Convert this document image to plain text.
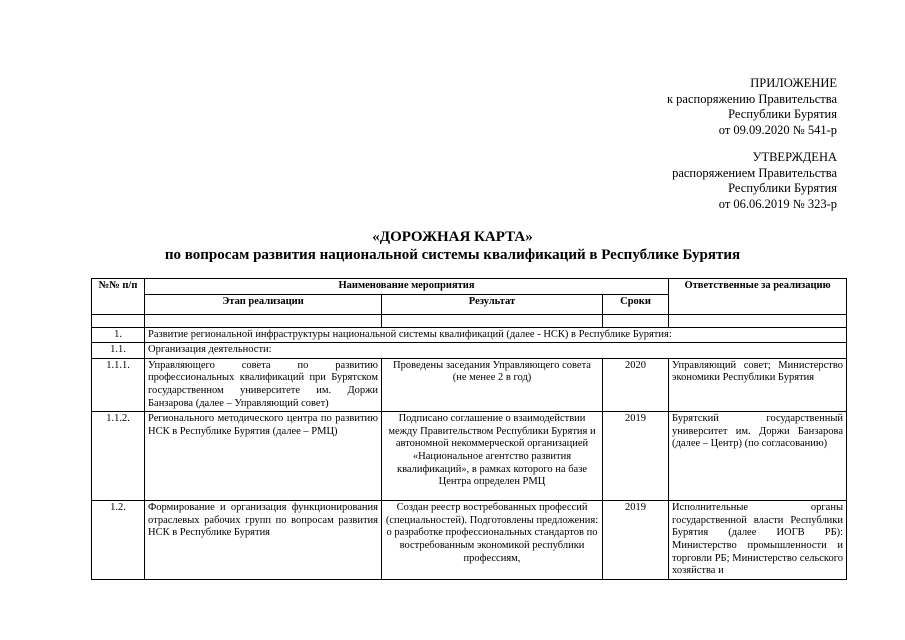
ПРИЛОЖЕНИЕ
к распоряжению Правительства
Республики Бурятия
от 09.09.2020 № 541-р
УТВЕРЖДЕНА
распоряжением Правительства
Республики Бурятия
от 06.06.2019 № 323-р
«ДОРОЖНАЯ КАРТА»
по вопросам развития национальной системы квалификаций в Республике Бурятия
№№ п/п	Наименование мероприятия			Ответственные за реализацию
	Этап реализации	Результат	Сроки	

1.	Развитие региональной инфраструктуры национальной системы квалификаций (далее - НСК) в Республике Бурятия:			
1.1.	Организация деятельности:			
1.1.1.	Управляющего совета по развитию профессиональных квалификаций при Бурятском государственном университете им. Доржи Банзарова (далее – Управляющий совет)	Проведены заседания Управляющего совета (не менее 2 в год)	2020	Управляющий совет; Министерство экономики Республики Бурятия
1.1.2.	Регионального методического центра по развитию НСК в Республике Бурятия (далее – РМЦ)	Подписано соглашение о взаимодействии между Правительством Республики Бурятия и автономной некоммерческой организацией «Национальное агентство развития квалификаций», в рамках которого на базе Центра определен РМЦ	2019	Бурятский государственный университет им. Доржи Банзарова (далее – Центр) (по согласованию)
1.2.	Формирование и организация функционирования отраслевых рабочих групп по вопросам развития НСК в Республике Бурятия	Создан реестр востребованных профессий (специальностей). Подготовлены предложения: о разработке профессиональных стандартов по востребованным экономикой республики профессиям,	2019	Исполнительные органы государственной власти Республики Бурятия (далее ИОГВ РБ): Министерство промышленности и торговли РБ; Министерство сельского хозяйства и
